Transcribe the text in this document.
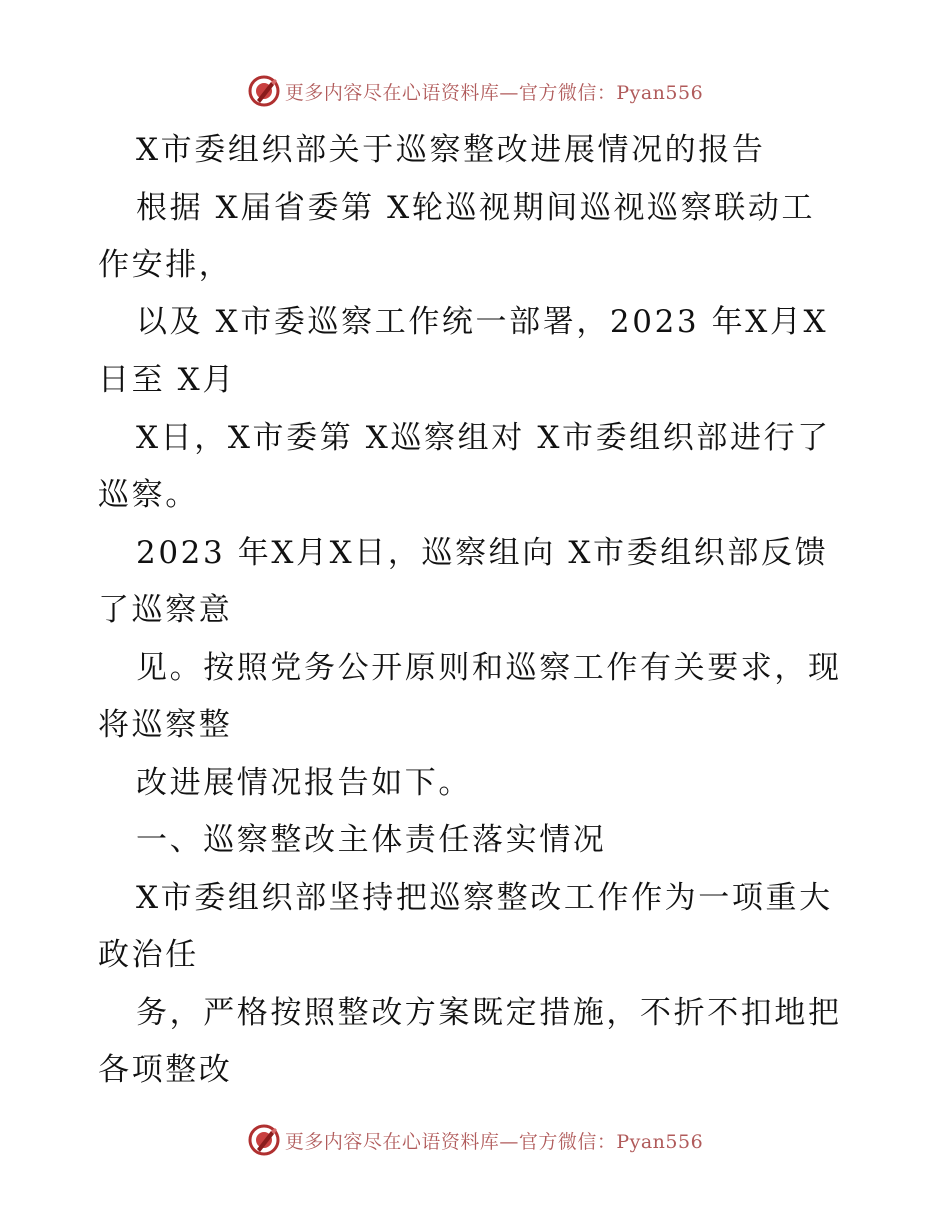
更多内容尽在心语资料库—官方微信：Pyan556
X市委组织部关于巡察整改进展情况的报告
根据 X届省委第 X轮巡视期间巡视巡察联动工
作安排，
以及 X市委巡察工作统一部署，2023 年X月X
日至 X月
X日，X市委第 X巡察组对 X市委组织部进行了
巡察。
2023 年X月X日，巡察组向 X市委组织部反馈
了巡察意
见。按照党务公开原则和巡察工作有关要求，现
将巡察整
改进展情况报告如下。
一、巡察整改主体责任落实情况
X市委组织部坚持把巡察整改工作作为一项重大
政治任
务，严格按照整改方案既定措施，不折不扣地把
各项整改
更多内容尽在心语资料库—官方微信：Pyan556
